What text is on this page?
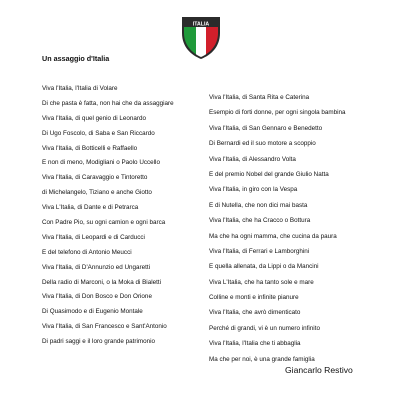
ITALIA
Un assaggio d'Italia
Viva l'Italia, l'Italia di Volare
Di che pasta è fatta, non hai che da assaggiare
Viva l'Italia, di quel genio di Leonardo
Di Ugo Foscolo, di Saba e San Riccardo
Viva l'Italia, di Botticelli e Raffaello
E non di meno, Modigliani o Paolo Uccello
Viva l'Italia, di Caravaggio e Tintoretto
di Michelangelo, Tiziano e anche Giotto
Viva L'Italia, di Dante e di Petrarca
Con Padre Pio, su ogni camion e ogni barca
Viva l'Italia, di Leopardi e di Carducci
E del telefono di Antonio Meucci
Viva l'Italia, di D'Annunzio ed Ungaretti
Della radio di Marconi, o la Moka di Bialetti
Viva l'Italia, di Don Bosco e Don Orione
Di Quasimodo e di Eugenio Montale
Viva l'Italia, di San Francesco e Sant'Antonio
Di padri saggi e il loro grande patrimonio
Viva l'Italia, di Santa Rita e Caterina
Esempio di forti donne, per ogni singola bambina
Viva l'Italia, di San Gennaro e Benedetto
Di Bernardi ed il suo motore a scoppio
Viva l'Italia, di Alessandro Volta
E del premio Nobel del grande Giulio Natta
Viva l'Italia, in giro con la Vespa
E di Nutella, che non dici mai basta
Viva l'Italia, che ha Cracco o Bottura
Ma che ha ogni mamma, che cucina da paura
Viva l'Italia, di Ferrari e Lamborghini
E quella allenata, da Lippi o da Mancini
Viva L'Italia, che ha tanto sole e mare
Colline e monti e infinite pianure
Viva l'Italia, che avrò dimenticato
Perché di grandi, vi è un numero infinito
Viva l'Italia, l'Italia che ti abbaglia
Ma che per noi, è una grande famiglia

Giancarlo Restivo
